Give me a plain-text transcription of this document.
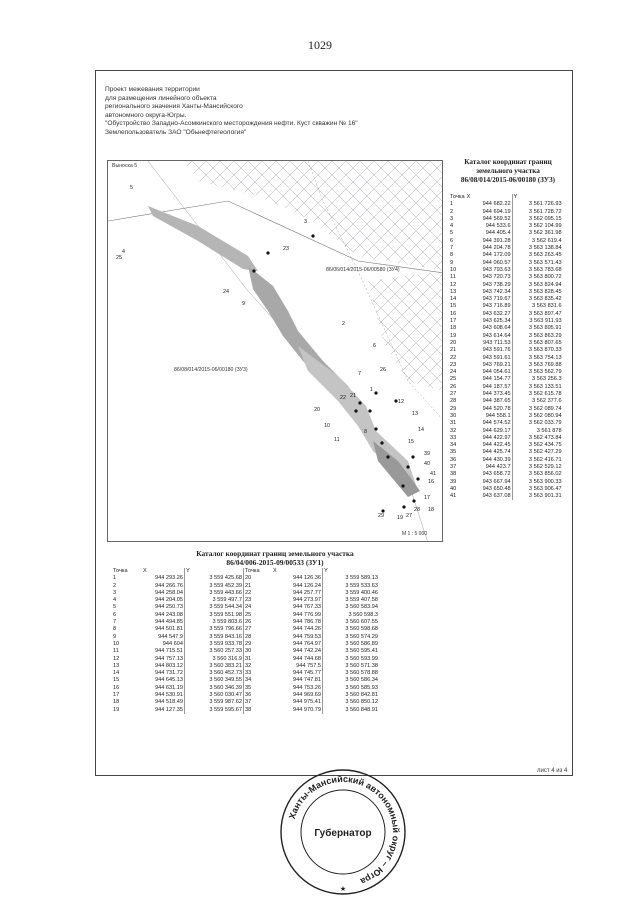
1029
Проект межевания территории
для размещения линейного объекта
регионального значения Ханты-Мансийского
автономного округа-Югры.
"Обустройство Западно-Асомкинского месторождения нефти. Куст скважин № 16"
Землепользователь ЗАО "Обьнефтегеология"
Выноска 5
86/06/014/2015-06/00580 (ЗУ4)
86/08/014/2015-06/00180 (ЗУ3)
5
4
3
25
24
9
23
2
1
26
22 21
20
10
11
12
13
14
15
16
17
18
19 27
28
29
39
40
41
7
8
6
М 1 : 5 000
Каталог координат границ
земельного участка
86/08/014/2015-06/00180 (ЗУ3)
Точка	X	Y
1	944 682.22	3 561 726.93
2	944 694.19	3 561 728.72
3	944 569.52	3 562 095.15
4	944 533.6	3 562 104.99
5	944 405.4	3 562 361.98
6	944 391.28	3 562 619.4
7	944 204.78	3 563 138.84
8	944 172.09	3 563 263.45
9	944 060.57	3 563 571.43
10	943 793.63	3 563 783.68
11	943 720.73	3 563 800.72
12	943 738.29	3 563 824.94
13	943 742.34	3 563 828.45
14	943 719.67	3 563 835.42
15	943 716.89	3 563 831.6
16	943 632.27	3 563 897.47
17	943 625.34	3 563 911.93
18	943 608.64	3 563 895.91
19	943 614.64	3 563 863.29
20	943 711.53	3 563 807.65
21	943 591.76	3 563 870.33
22	943 591.61	3 563 754.13
23	943 769.21	3 563 769.88
24	944 054.61	3 563 562.79
25	944 154.77	3 563 256.3
26	944 187.57	3 563 133.51
27	944 373.45	3 562 615.78
28	944 387.65	3 562 377.6
29	944 520.78	3 562 089.74
30	944 558.1	3 562 080.94
31	944 574.52	3 562 033.79
32	944 629.17	3 561 878
33	944 422.97	3 562 473.84
34	944 422.45	3 562 434.75
35	944 425.74	3 562 427.29
36	944 430.39	3 562 416.71
37	944 423.7	3 562 529.12
38	943 658.72	3 563 856.02
39	943 667.94	3 563 900.33
40	943 650.48	3 563 906.47
41	943 637.08	3 563 901.31
Каталог координат границ земельного участка
86/04/006-2015-09/00533 (ЗУ1)
Точка	X	Y	Точка	X	Y
1	944 293.26	3 559 425.68	20	944 126.36	3 559 589.13
2	944 266.76	3 559 452.39	21	944 126.24	3 559 533.63
3	944 258.04	3 559 443.66	22	944 257.77	3 559 400.46
4	944 204.05	3 559 497.7	23	944 273.97	3 559 407.58
5	944 250.73	3 559 544.34	24	944 767.33	3 560 583.94
6	944 243.08	3 559 551.98	25	944 776.99	3 560 598.3
7	944 494.85	3 559 803.6	26	944 786.78	3 560 607.55
8	944 501.81	3 559 796.66	27	944 744.26	3 560 598.68
9	944 547.9	3 559 843.16	28	944 759.53	3 560 574.29
10	944 604	3 559 933.78	29	944 764.97	3 560 586.89
11	944 715.51	3 560 257.33	30	944 742.24	3 560 595.41
12	944 757.13	3 560 316.9	31	944 744.68	3 560 593.99
13	944 803.12	3 560 383.21	32	944 757.5	3 560 571.38
14	944 731.72	3 560 452.73	33	944 745.77	3 560 578.88
15	944 645.13	3 560 349.55	34	944 747.81	3 560 586.34
16	944 631.19	3 560 346.39	35	944 753.26	3 560 585.93
17	944 530.91	3 560 030.47	36	944 969.69	3 560 842.81
18	944 518.49	3 559 987.62	37	944 975.41	3 560 850.12
19	944 127.35	3 559 595.67	38	944 970.79	3 560 848.91
лист 4 из 4
Ханты-Мансийский автономный округ – Югра
Губернатор
★
